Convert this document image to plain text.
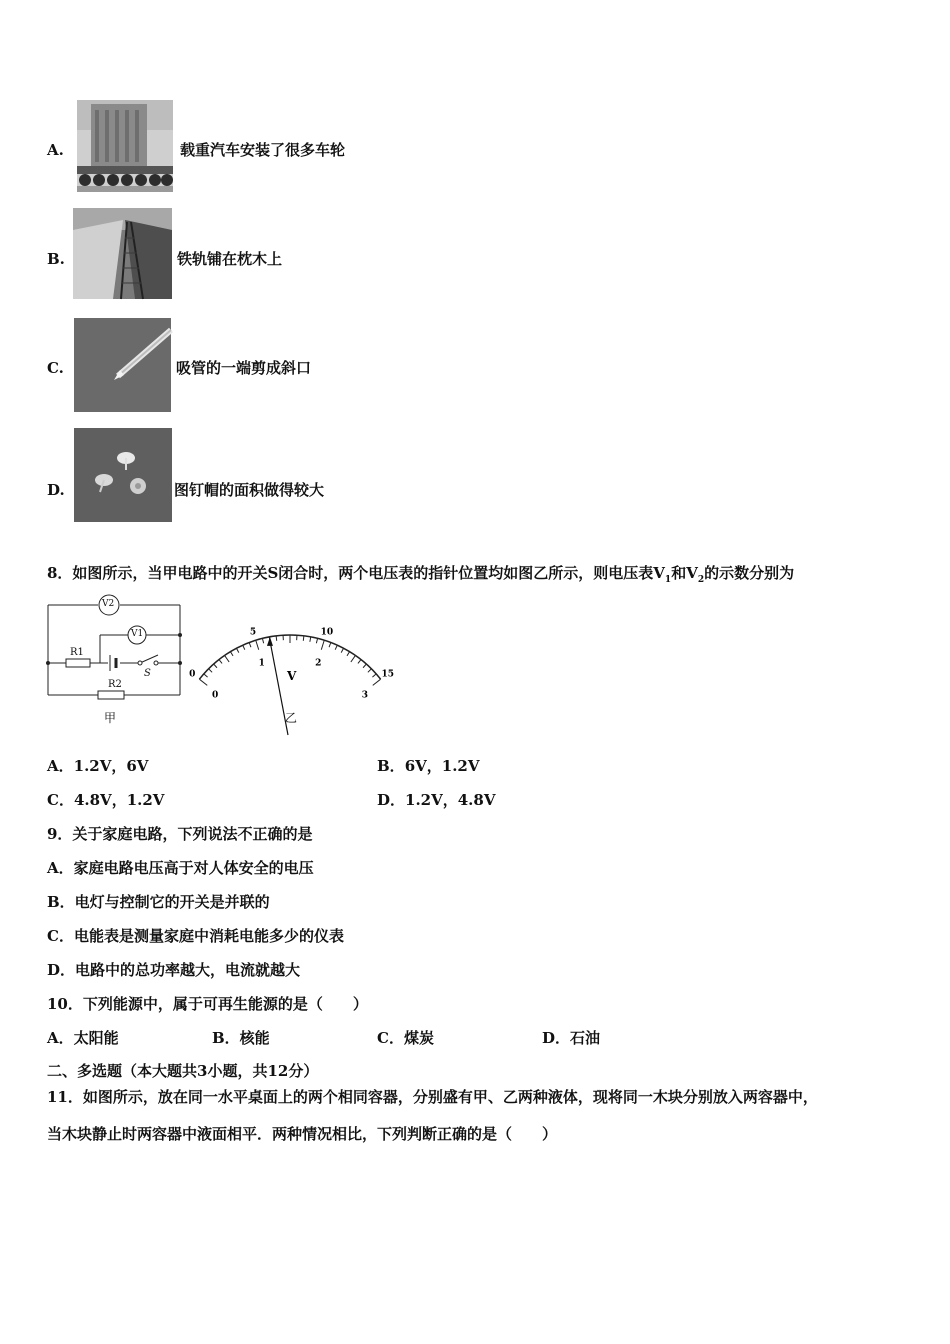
A.	载重汽车安装了很多车轮
B.	铁轨铺在枕木上
C.	吸管的一端剪成斜口
D.	图钉帽的面积做得较大
8．如图所示，当甲电路中的开关S闭合时，两个电压表的指针位置均如图乙所示，则电压表$V_1$和$V_2$的示数分别为
V2
V1
R1
S
R2
甲
0
5	10
15
0
1	2
3
V
乙
A．1.2V，6V	B．6V，1.2V
C．4.8V，1.2V	D．1.2V，4.8V
9．关于家庭电路，下列说法不正确的是
A．家庭电路电压高于对人体安全的电压
B．电灯与控制它的开关是并联的
C．电能表是测量家庭中消耗电能多少的仪表
D．电路中的总功率越大，电流就越大
10．下列能源中，属于可再生能源的是（　　）
A．太阳能	B．核能	C．煤炭	D．石油
二、多选题（本大题共3小题，共12分）
11．如图所示，放在同一水平桌面上的两个相同容器，分别盛有甲、乙两种液体，现将同一木块分别放入两容器中，
当木块静止时两容器中液面相平．两种情况相比，下列判断正确的是（　　）
